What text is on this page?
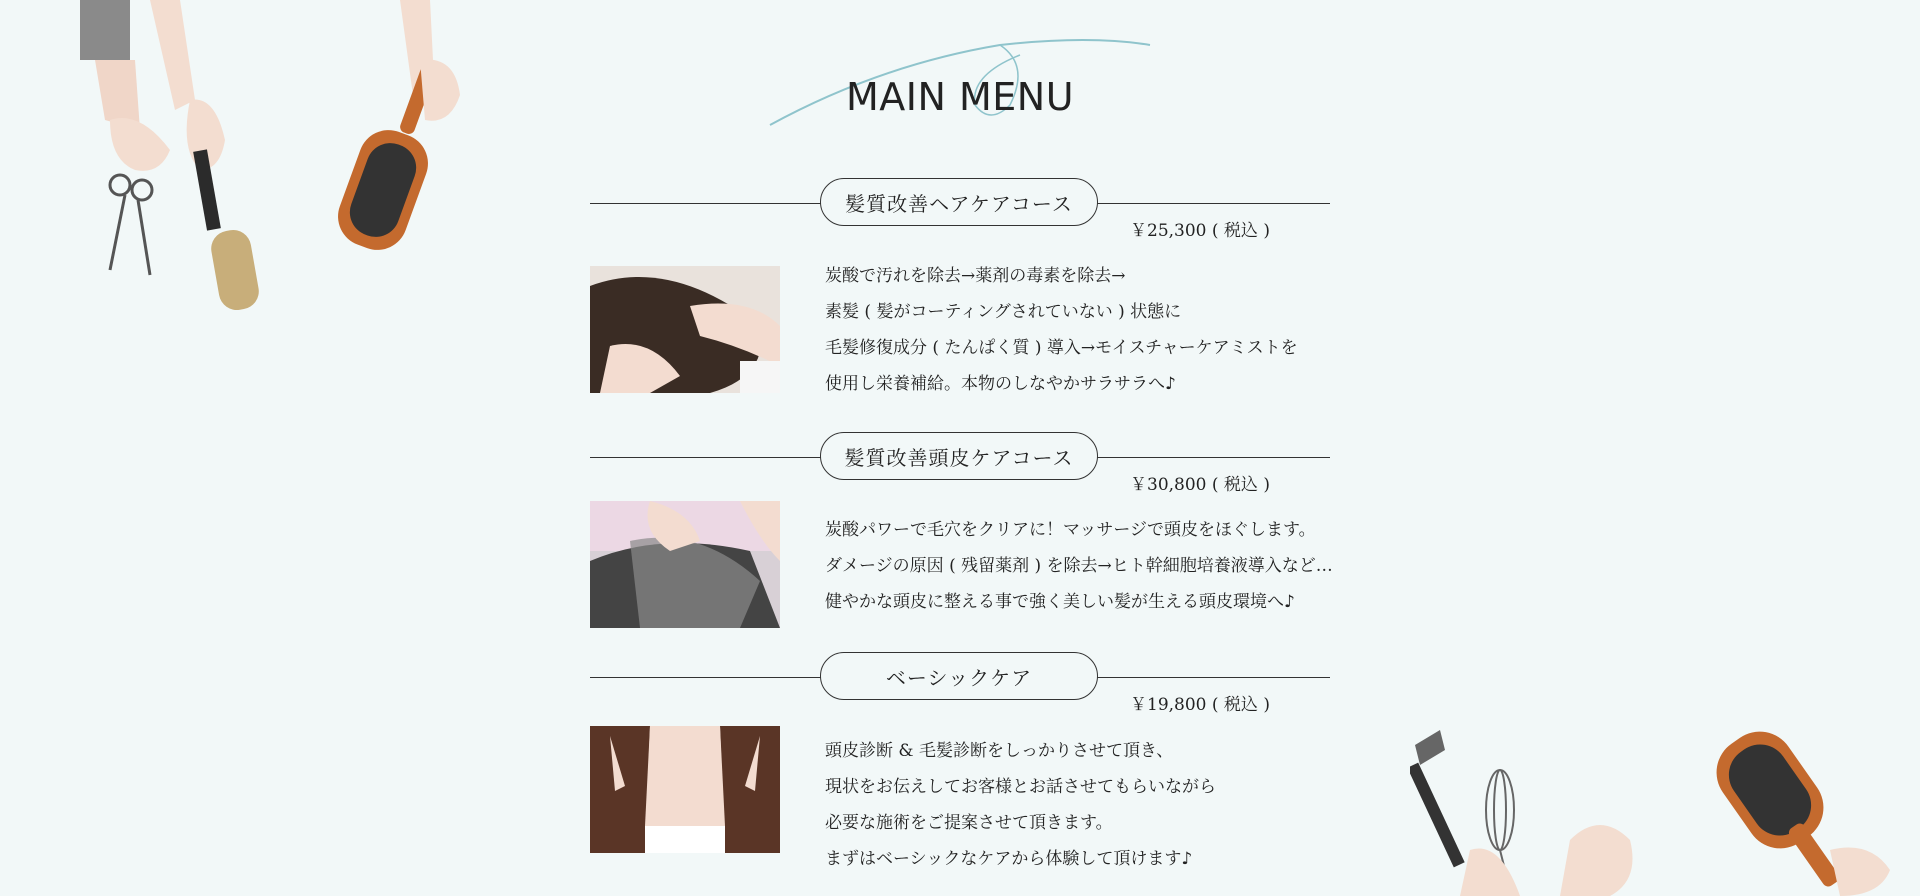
MAIN MENU
髪質改善ヘアケアコース
￥25,300 ( 税込 )
炭酸で汚れを除去→薬剤の毒素を除去→
素髪 ( 髪がコーティングされていない ) 状態に
毛髪修復成分 ( たんぱく質 ) 導入→モイスチャーケアミストを
使用し栄養補給。本物のしなやかサラサラへ♪
髪質改善頭皮ケアコース
￥30,800 ( 税込 )
炭酸パワーで毛穴をクリアに！マッサージで頭皮をほぐします。
ダメージの原因 ( 残留薬剤 ) を除去→ヒト幹細胞培養液導入など…
健やかな頭皮に整える事で強く美しい髪が生える頭皮環境へ♪
ベーシックケア
￥19,800 ( 税込 )
頭皮診断 & 毛髪診断をしっかりさせて頂き、
現状をお伝えしてお客様とお話させてもらいながら
必要な施術をご提案させて頂きます。
まずはベーシックなケアから体験して頂けます♪
